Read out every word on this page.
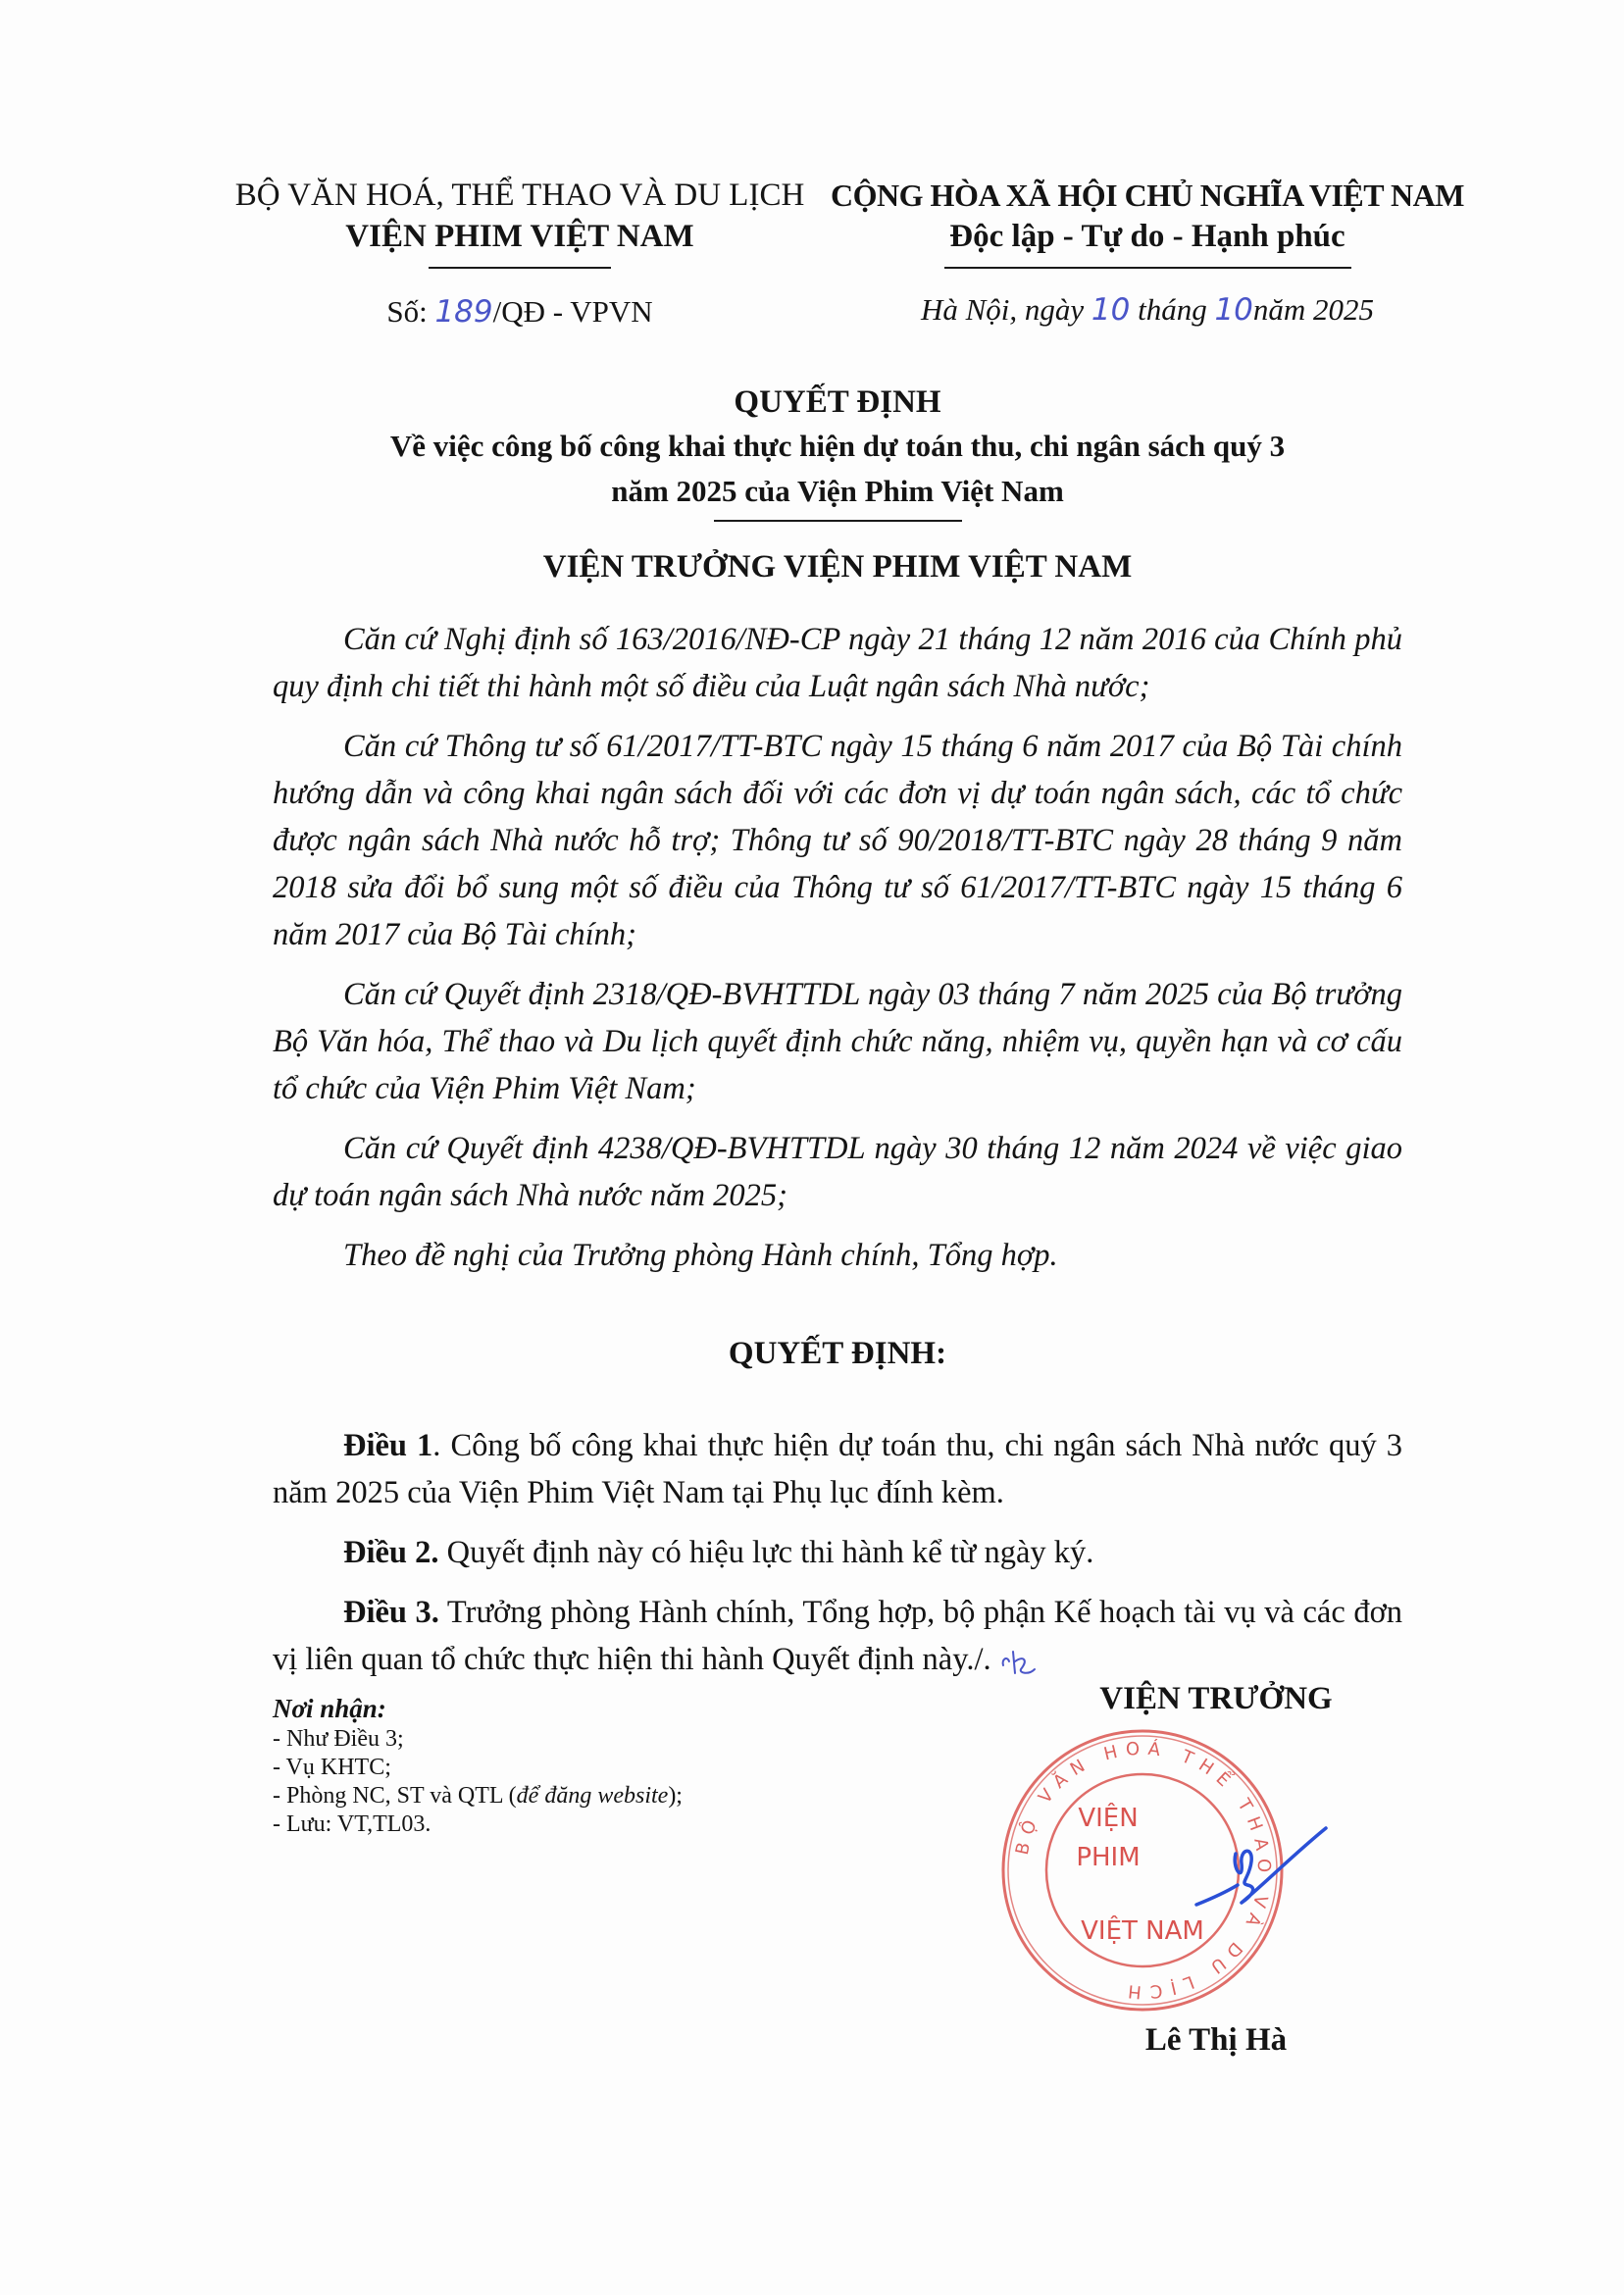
BỘ VĂN HOÁ, THỂ THAO VÀ DU LỊCH
VIỆN PHIM VIỆT NAM
CỘNG HÒA XÃ HỘI CHỦ NGHĨA VIỆT NAM
Độc lập - Tự do - Hạnh phúc
Số: 189/QĐ - VPVN	Hà Nội, ngày 10 tháng 10năm 2025
QUYẾT ĐỊNH
Về việc công bố công khai thực hiện dự toán thu, chi ngân sách quý 3
năm 2025 của Viện Phim Việt Nam
VIỆN TRƯỞNG VIỆN PHIM VIỆT NAM

Căn cứ Nghị định số 163/2016/NĐ-CP ngày 21 tháng 12 năm 2016 của Chính phủ quy định chi tiết thi hành một số điều của Luật ngân sách Nhà nước;

Căn cứ Thông tư số 61/2017/TT-BTC ngày 15 tháng 6 năm 2017 của Bộ Tài chính hướng dẫn và công khai ngân sách đối với các đơn vị dự toán ngân sách, các tổ chức được ngân sách Nhà nước hỗ trợ; Thông tư số 90/2018/TT-BTC ngày 28 tháng 9 năm 2018 sửa đổi bổ sung một số điều của Thông tư số 61/2017/TT-BTC ngày 15 tháng 6 năm 2017 của Bộ Tài chính;

Căn cứ Quyết định 2318/QĐ-BVHTTDL ngày 03 tháng 7 năm 2025 của Bộ trưởng Bộ Văn hóa, Thể thao và Du lịch quyết định chức năng, nhiệm vụ, quyền hạn và cơ cấu tổ chức của Viện Phim Việt Nam;

Căn cứ Quyết định 4238/QĐ-BVHTTDL ngày 30 tháng 12 năm 2024 về việc giao dự toán ngân sách Nhà nước năm 2025;

Theo đề nghị của Trưởng phòng Hành chính, Tổng hợp.

QUYẾT ĐỊNH:

Điều 1. Công bố công khai thực hiện dự toán thu, chi ngân sách Nhà nước quý 3 năm 2025 của Viện Phim Việt Nam tại Phụ lục đính kèm.

Điều 2. Quyết định này có hiệu lực thi hành kể từ ngày ký.

Điều 3. Trưởng phòng Hành chính, Tổng hợp, bộ phận Kế hoạch tài vụ và các đơn vị liên quan tổ chức thực hiện thi hành Quyết định này./.

Nơi nhận:
- Như Điều 3;
- Vụ KHTC;
- Phòng NC, ST và QTL (để đăng website);
- Lưu: VT,TL03.
VIỆN TRƯỞNG
BỘ VĂN HOÁ THỂ THAO VÀ DU LỊCH
VIỆN
PHIM
VIỆT NAM
Lê Thị Hà
